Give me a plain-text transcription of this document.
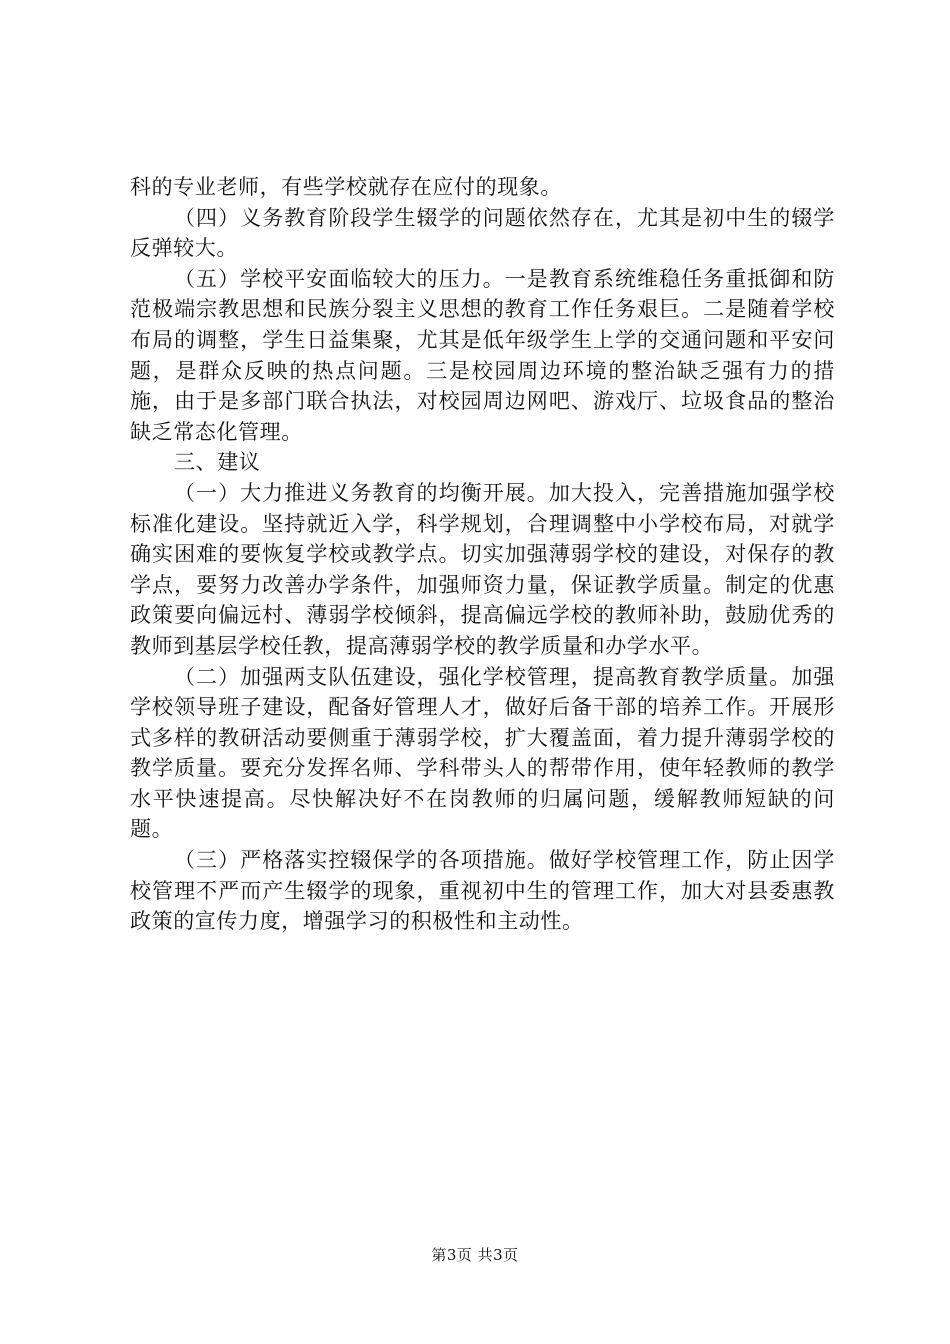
科的专业老师，有些学校就存在应付的现象。

（四）义务教育阶段学生辍学的问题依然存在，尤其是初中生的辍学反弹较大。

（五）学校平安面临较大的压力。一是教育系统维稳任务重抵御和防范极端宗教思想和民族分裂主义思想的教育工作任务艰巨。二是随着学校布局的调整，学生日益集聚，尤其是低年级学生上学的交通问题和平安问题，是群众反映的热点问题。三是校园周边环境的整治缺乏强有力的措施，由于是多部门联合执法，对校园周边网吧、游戏厅、垃圾食品的整治缺乏常态化管理。

三、建议

（一）大力推进义务教育的均衡开展。加大投入，完善措施加强学校标准化建设。坚持就近入学，科学规划，合理调整中小学校布局，对就学确实困难的要恢复学校或教学点。切实加强薄弱学校的建设，对保存的教学点，要努力改善办学条件，加强师资力量，保证教学质量。制定的优惠政策要向偏远村、薄弱学校倾斜，提高偏远学校的教师补助，鼓励优秀的教师到基层学校任教，提高薄弱学校的教学质量和办学水平。

（二）加强两支队伍建设，强化学校管理，提高教育教学质量。加强学校领导班子建设，配备好管理人才，做好后备干部的培养工作。开展形式多样的教研活动要侧重于薄弱学校，扩大覆盖面，着力提升薄弱学校的教学质量。要充分发挥名师、学科带头人的帮带作用，使年轻教师的教学水平快速提高。尽快解决好不在岗教师的归属问题，缓解教师短缺的问题。

（三）严格落实控辍保学的各项措施。做好学校管理工作，防止因学校管理不严而产生辍学的现象，重视初中生的管理工作，加大对县委惠教政策的宣传力度，增强学习的积极性和主动性。

第3页 共3页
